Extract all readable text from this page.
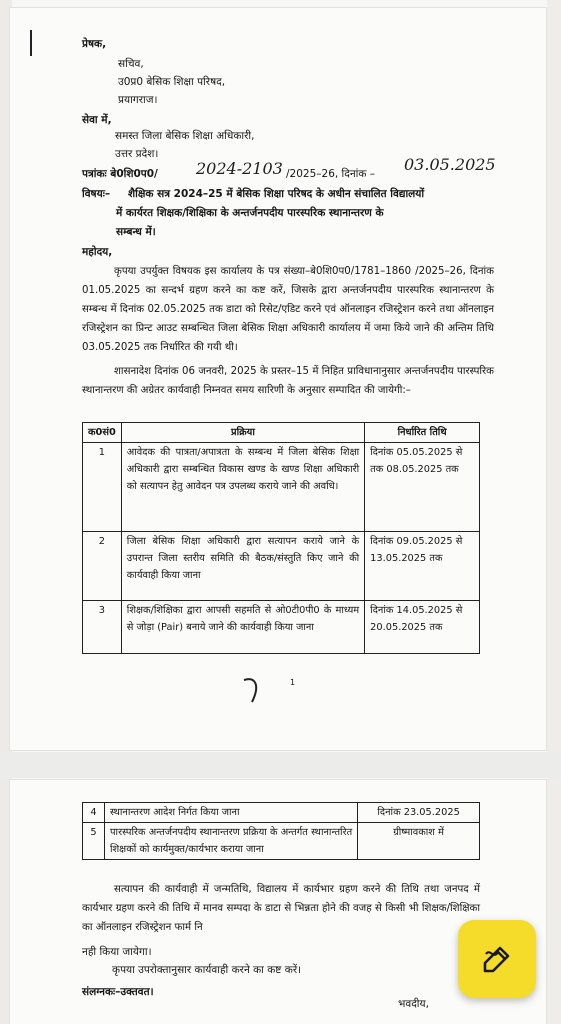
प्रेषक,
सचिव,
उ0प्र0 बेसिक शिक्षा परिषद,
प्रयागराज।
सेवा में,
समस्त जिला बेसिक शिक्षा अधिकारी,
उत्तर प्रदेश।
पत्रांकः बे0शि0प0/ 2024-2103 /2025–26, दिनांक – 03.05.2025
विषयः– शैक्षिक सत्र 2024–25 में बेसिक शिक्षा परिषद के अधीन संचालित विद्यालयों
में कार्यरत शिक्षक/शिक्षिका के अन्तर्जनपदीय पारस्परिक स्थानान्तरण के
सम्बन्ध में।
महोदय,
कृपया उपर्युक्त विषयक इस कार्यालय के पत्र संख्या–बे0शि0प0/1781–1860 /2025–26, दिनांक 01.05.2025 का सन्दर्भ ग्रहण करने का कष्ट करें, जिसके द्वारा अन्तर्जनपदीय पारस्परिक स्थानान्तरण के सम्बन्ध में दिनांक 02.05.2025 तक डाटा को रिसेट/एडिट करने एवं ऑनलाइन रजिस्ट्रेशन करने तथा ऑनलाइन रजिस्ट्रेशन का प्रिन्ट आउट सम्बन्धित जिला बेसिक शिक्षा अधिकारी कार्यालय में जमा किये जाने की अन्तिम तिथि 03.05.2025 तक निर्धारित की गयी थी।
शासनादेश दिनांक 06 जनवरी, 2025 के प्रस्तर–15 में निहित प्राविधानानुसार अन्तर्जनपदीय पारस्परिक स्थानान्तरण की अग्रेतर कार्यवाही निम्नवत समय सारिणी के अनुसार सम्पादित की जायेगी:–
क0सं0	प्रक्रिया	निर्धारित तिथि
1	आवेदक की पात्रता/अपात्रता के सम्बन्ध में जिला बेसिक शिक्षा अधिकारी द्वारा सम्बन्धित विकास खण्ड के खण्ड शिक्षा अधिकारी को सत्यापन हेतु आवेदन पत्र उपलब्ध कराये जाने की अवधि।	दिनांक 05.05.2025 से तक 08.05.2025 तक
2	जिला बेसिक शिक्षा अधिकारी द्वारा सत्यापन कराये जाने के उपरान्त जिला स्तरीय समिति की बैठक/संस्तुति किए जाने की कार्यवाही किया जाना	दिनांक 09.05.2025 से 13.05.2025 तक
3	शिक्षक/शिक्षिका द्वारा आपसी सहमति से ओ0टी0पी0 के माध्यम से जोड़ा (Pair) बनाये जाने की कार्यवाही किया जाना	दिनांक 14.05.2025 से 20.05.2025 तक
1
4	स्थानान्तरण आदेश निर्गत किया जाना	दिनांक 23.05.2025
5	पारस्परिक अन्तर्जनपदीय स्थानान्तरण प्रक्रिया के अन्तर्गत स्थानान्तरित शिक्षकों को कार्यमुक्त/कार्यभार कराया जाना	ग्रीष्मावकाश में
सत्यापन की कार्यवाही में जन्मतिथि, विद्यालय में कार्यभार ग्रहण करने की तिथि तथा जनपद में कार्यभार ग्रहण करने की तिथि में मानव सम्पदा के डाटा से भिन्नता होने की वजह से किसी भी शिक्षक/शिक्षिका का ऑनलाइन रजिस्ट्रेशन फार्म नि
नही किया जायेगा।
कृपया उपरोक्तानुसार कार्यवाही करने का कष्ट करें।
संलग्नकः–उक्तवत।
भवदीय,
